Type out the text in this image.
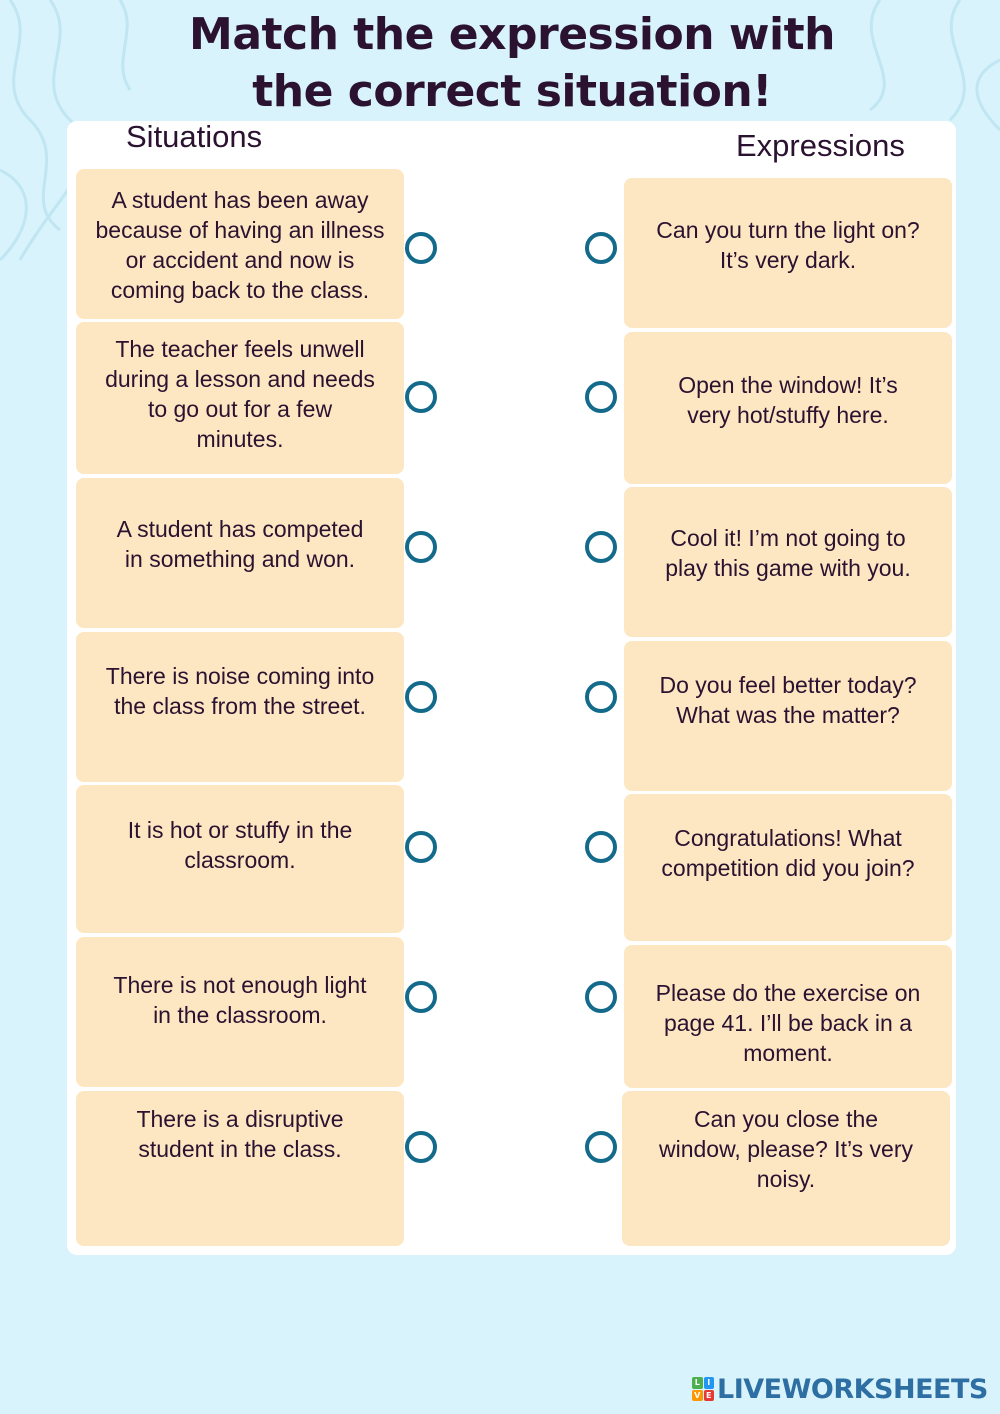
Match the expression with
the correct situation!
Situations	Expressions
A student has been away
because of having an illness
or accident and now is
coming back to the class.
The teacher feels unwell
during a lesson and needs
to go out for a few
minutes.
A student has competed
in something and won.
There is noise coming into
the class from the street.
It is hot or stuffy in the
classroom.
There is not enough light
in the classroom.
There is a disruptive
student in the class.
Can you turn the light on?
It’s very dark.
Open the window! It’s
very hot/stuffy here.
Cool it! I’m not going to
play this game with you.
Do you feel better today?
What was the matter?
Congratulations! What
competition did you join?
Please do the exercise on
page 41. I’ll be back in a
moment.
Can you close the
window, please? It’s very
noisy.
L I
V E LIVEWORKSHEETS
